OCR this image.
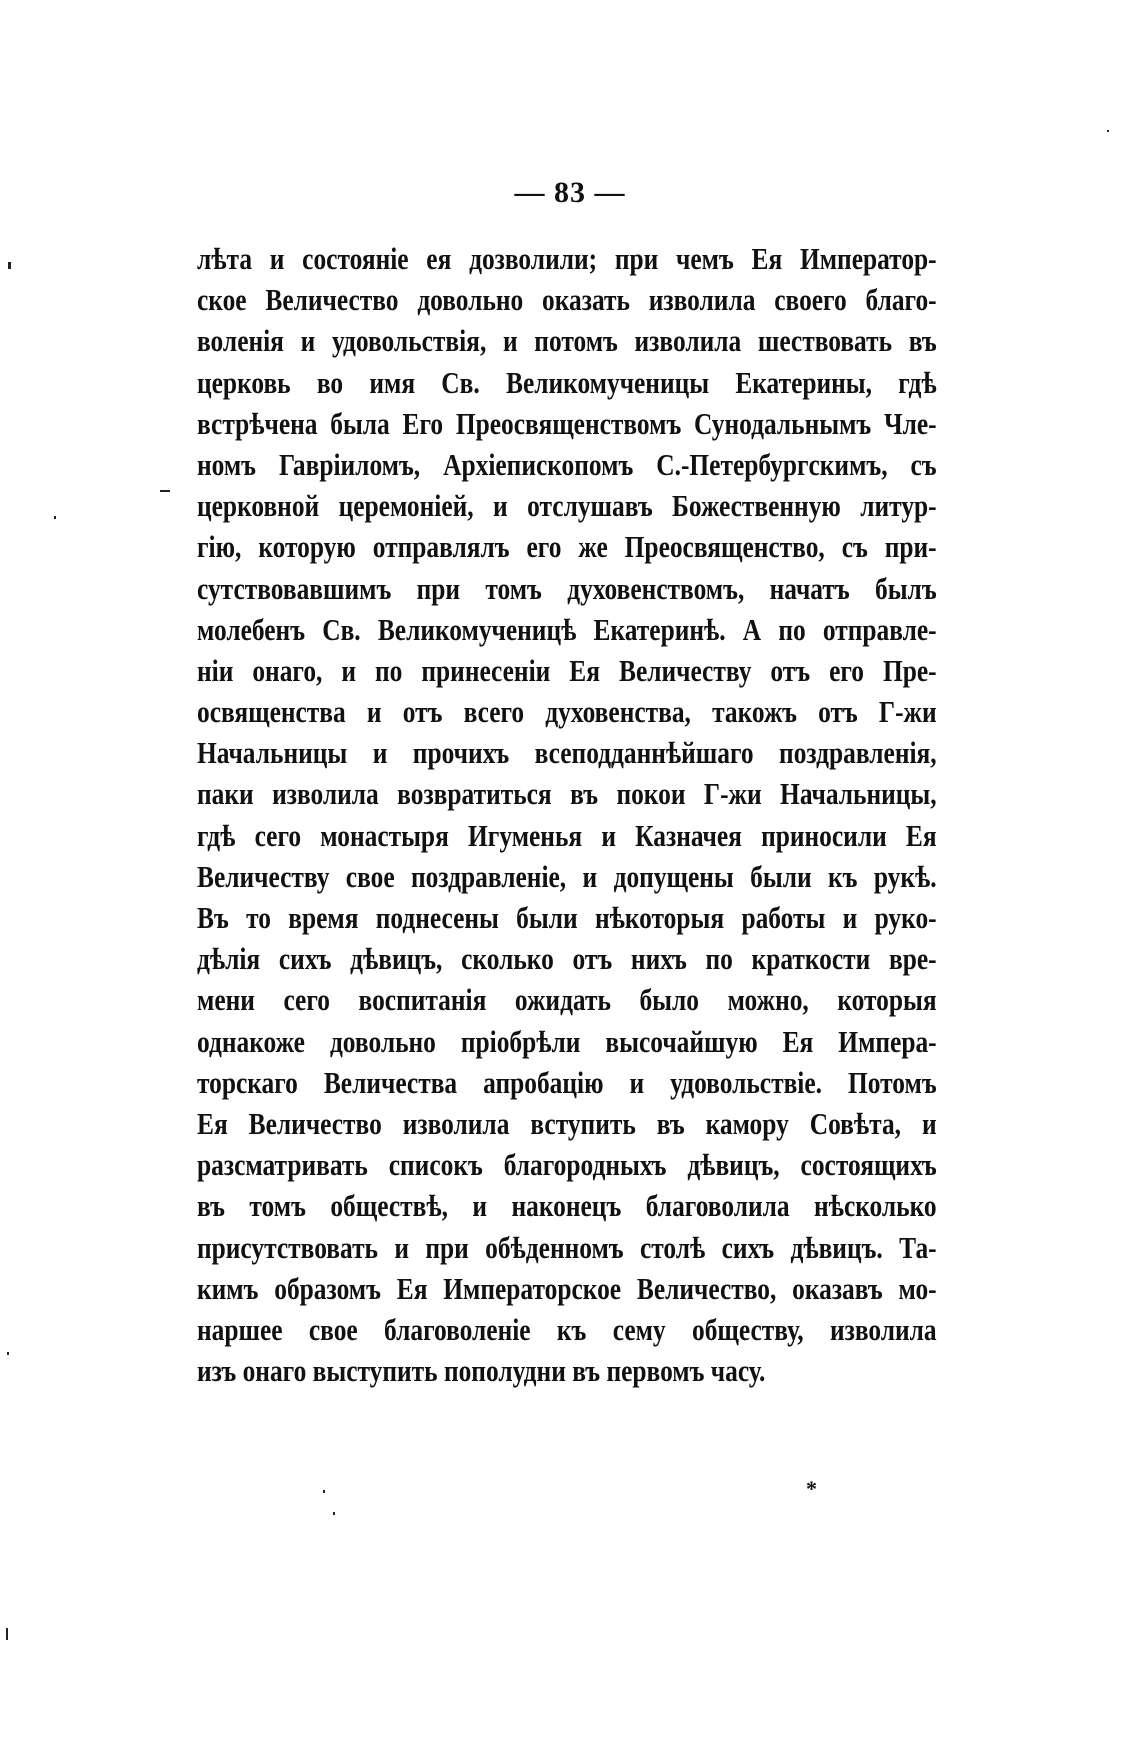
— 83 —
лѣта и состояніе ея дозволили; при чемъ Ея Император-
ское Величество довольно оказать изволила своего благо-
воленія и удовольствія, и потомъ изволила шествовать въ
церковь во имя Св. Великомученицы Екатерины, гдѣ
встрѣчена была Его Преосвященствомъ Сунодальнымъ Чле-
номъ Гавріиломъ, Архіепископомъ С.-Петербургскимъ, съ
церковной церемоніей, и отслушавъ Божественную литур-
гію, которую отправлялъ его же Преосвященство, съ при-
сутствовавшимъ при томъ духовенствомъ, начатъ былъ
молебенъ Св. Великомученицѣ Екатеринѣ. А по отправле-
ніи онаго, и по принесеніи Ея Величеству отъ его Пре-
освященства и отъ всего духовенства, такожъ отъ Г-жи
Начальницы и прочихъ всеподданнѣйшаго поздравленія,
паки изволила возвратиться въ покои Г-жи Начальницы,
гдѣ сего монастыря Игуменья и Казначея приносили Ея
Величеству свое поздравленіе, и допущены были къ рукѣ.
Въ то время поднесены были нѣкоторыя работы и руко-
дѣлія сихъ дѣвицъ, сколько отъ нихъ по краткости вре-
мени сего воспитанія ожидать было можно, которыя
однакоже довольно пріобрѣли высочайшую Ея Импера-
торскаго Величества апробацію и удовольствіе. Потомъ
Ея Величество изволила вступить въ камору Совѣта, и
разсматривать списокъ благородныхъ дѣвицъ, состоящихъ
въ томъ обществѣ, и наконецъ благоволила нѣсколько
присутствовать и при обѣденномъ столѣ сихъ дѣвицъ. Та-
кимъ образомъ Ея Императорское Величество, оказавъ мо-
наршее свое благоволеніе къ сему обществу, изволила
изъ онаго выступить пополудни въ первомъ часу.
*
